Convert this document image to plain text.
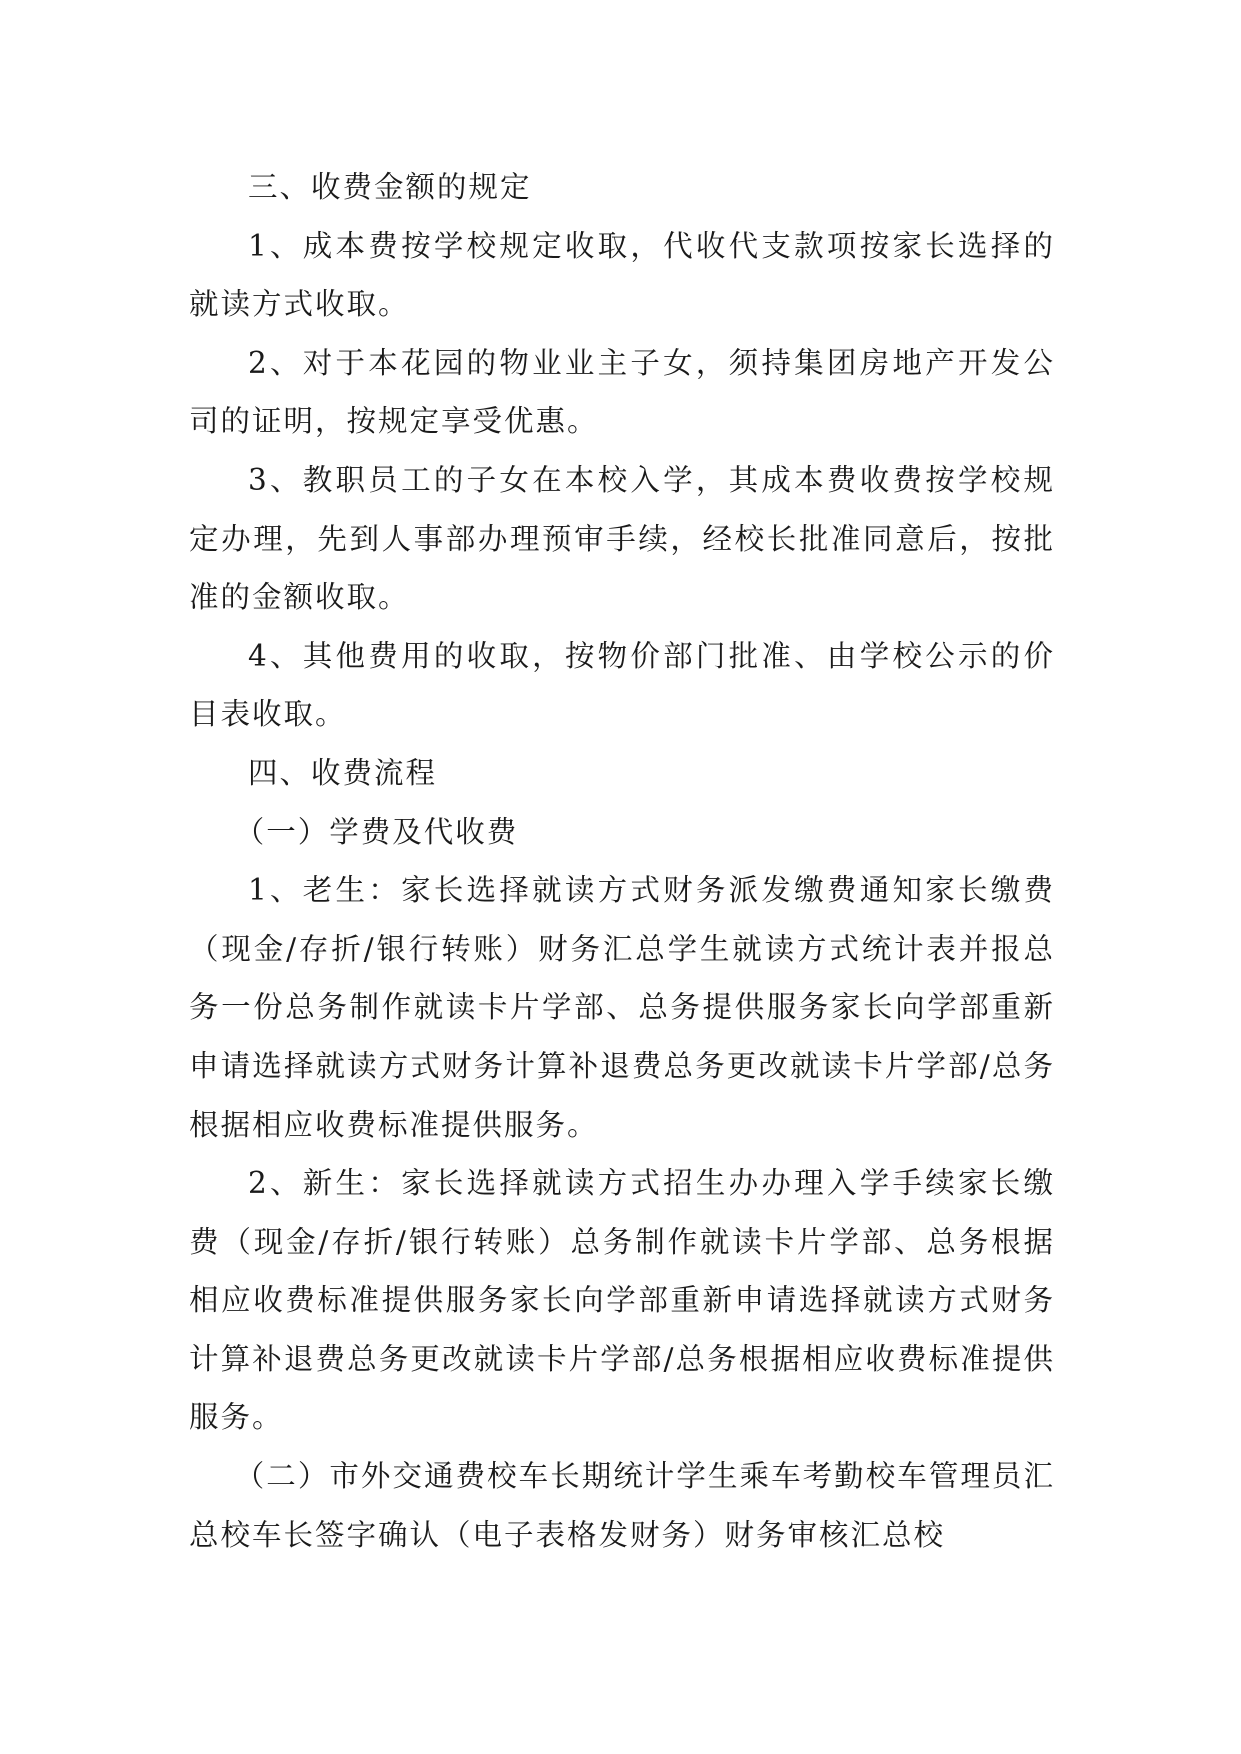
三、收费金额的规定

1、成本费按学校规定收取，代收代支款项按家长选择的就读方式收取。

2、对于本花园的物业业主子女，须持集团房地产开发公司的证明，按规定享受优惠。

3、教职员工的子女在本校入学，其成本费收费按学校规定办理，先到人事部办理预审手续，经校长批准同意后，按批准的金额收取。

4、其他费用的收取，按物价部门批准、由学校公示的价目表收取。

四、收费流程

（一）学费及代收费

1、老生：家长选择就读方式财务派发缴费通知家长缴费（现金/存折/银行转账）财务汇总学生就读方式统计表并报总务一份总务制作就读卡片学部、总务提供服务家长向学部重新申请选择就读方式财务计算补退费总务更改就读卡片学部/总务根据相应收费标准提供服务。

2、新生：家长选择就读方式招生办办理入学手续家长缴费（现金/存折/银行转账）总务制作就读卡片学部、总务根据相应收费标准提供服务家长向学部重新申请选择就读方式财务计算补退费总务更改就读卡片学部/总务根据相应收费标准提供服务。

（二）市外交通费校车长期统计学生乘车考勤校车管理员汇总校车长签字确认（电子表格发财务）财务审核汇总校
